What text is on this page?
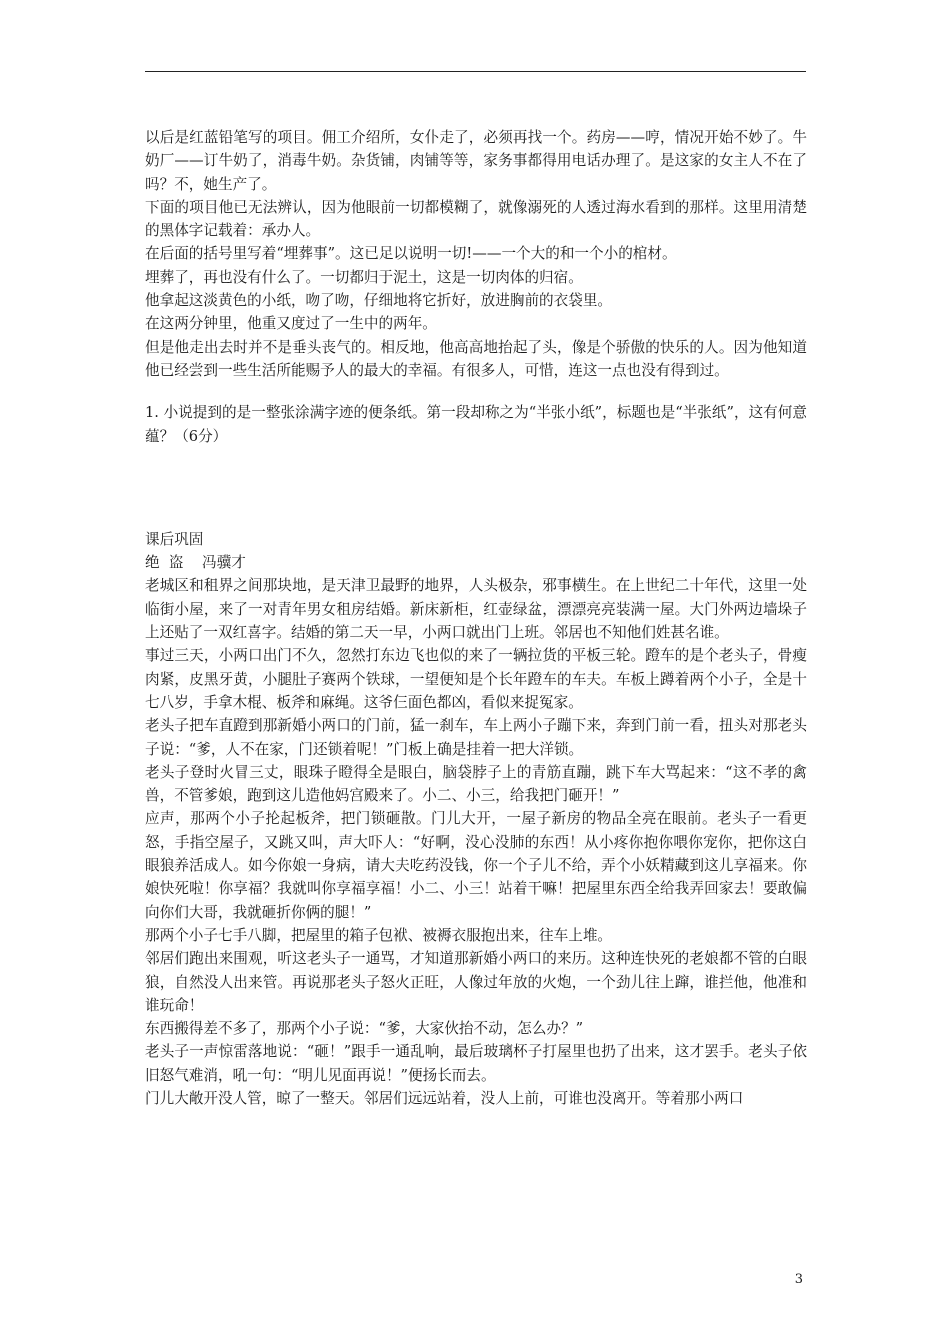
以后是红蓝铅笔写的项目。佣工介绍所，女仆走了，必须再找一个。药房——哼，情况开始不妙了。牛奶厂——订牛奶了，消毒牛奶。杂货铺，肉铺等等，家务事都得用电话办理了。是这家的女主人不在了吗？不，她生产了。

下面的项目他已无法辨认，因为他眼前一切都模糊了，就像溺死的人透过海水看到的那样。这里用清楚的黑体字记载着：承办人。

在后面的括号里写着“埋葬事”。这已足以说明一切!——一个大的和一个小的棺材。

埋葬了，再也没有什么了。一切都归于泥土，这是一切肉体的归宿。

他拿起这淡黄色的小纸，吻了吻，仔细地将它折好，放进胸前的衣袋里。

在这两分钟里，他重又度过了一生中的两年。

但是他走出去时并不是垂头丧气的。相反地，他高高地抬起了头，像是个骄傲的快乐的人。因为他知道他已经尝到一些生活所能赐予人的最大的幸福。有很多人，可惜，连这一点也没有得到过。

1. 小说提到的是一整张涂满字迹的便条纸。第一段却称之为“半张小纸”，标题也是“半张纸”，这有何意蕴？（6分）

课后巩固

绝  盗    冯骥才

老城区和租界之间那块地，是天津卫最野的地界，人头极杂，邪事横生。在上世纪二十年代，这里一处临街小屋，来了一对青年男女租房结婚。新床新柜，红壶绿盆，漂漂亮亮装满一屋。大门外两边墙垛子上还贴了一双红喜字。结婚的第二天一早，小两口就出门上班。邻居也不知他们姓甚名谁。

事过三天，小两口出门不久，忽然打东边飞也似的来了一辆拉货的平板三轮。蹬车的是个老头子，骨瘦肉紧，皮黑牙黄，小腿肚子赛两个铁球，一望便知是个长年蹬车的车夫。车板上蹲着两个小子，全是十七八岁，手拿木棍、板斧和麻绳。这爷仨面色都凶，看似来捉冤家。

老头子把车直蹬到那新婚小两口的门前，猛一刹车，车上两小子蹦下来，奔到门前一看，扭头对那老头子说：“爹，人不在家，门还锁着呢！”门板上确是挂着一把大洋锁。

老头子登时火冒三丈，眼珠子瞪得全是眼白，脑袋脖子上的青筋直蹦，跳下车大骂起来：“这不孝的禽兽，不管爹娘，跑到这儿造他妈宫殿来了。小二、小三，给我把门砸开！”

应声，那两个小子抡起板斧，把门锁砸散。门儿大开，一屋子新房的物品全亮在眼前。老头子一看更怒，手指空屋子，又跳又叫，声大吓人：“好啊，没心没肺的东西！从小疼你抱你喂你宠你，把你这白眼狼养活成人。如今你娘一身病，请大夫吃药没钱，你一个子儿不给，弄个小妖精藏到这儿享福来。你娘快死啦！你享福？我就叫你享福享福！小二、小三！站着干嘛！把屋里东西全给我弄回家去！要敢偏向你们大哥，我就砸折你俩的腿！”

那两个小子七手八脚，把屋里的箱子包袱、被褥衣服抱出来，往车上堆。

邻居们跑出来围观，听这老头子一通骂，才知道那新婚小两口的来历。这种连快死的老娘都不管的白眼狼，自然没人出来管。再说那老头子怒火正旺，人像过年放的火炮，一个劲儿往上蹿，谁拦他，他准和谁玩命！

东西搬得差不多了，那两个小子说：“爹，大家伙抬不动，怎么办？”

老头子一声惊雷落地说：“砸！”跟手一通乱响，最后玻璃杯子打屋里也扔了出来，这才罢手。老头子依旧怒气难消，吼一句：“明儿见面再说！”便扬长而去。

门儿大敞开没人管，晾了一整天。邻居们远远站着，没人上前，可谁也没离开。等着那小两口

3
